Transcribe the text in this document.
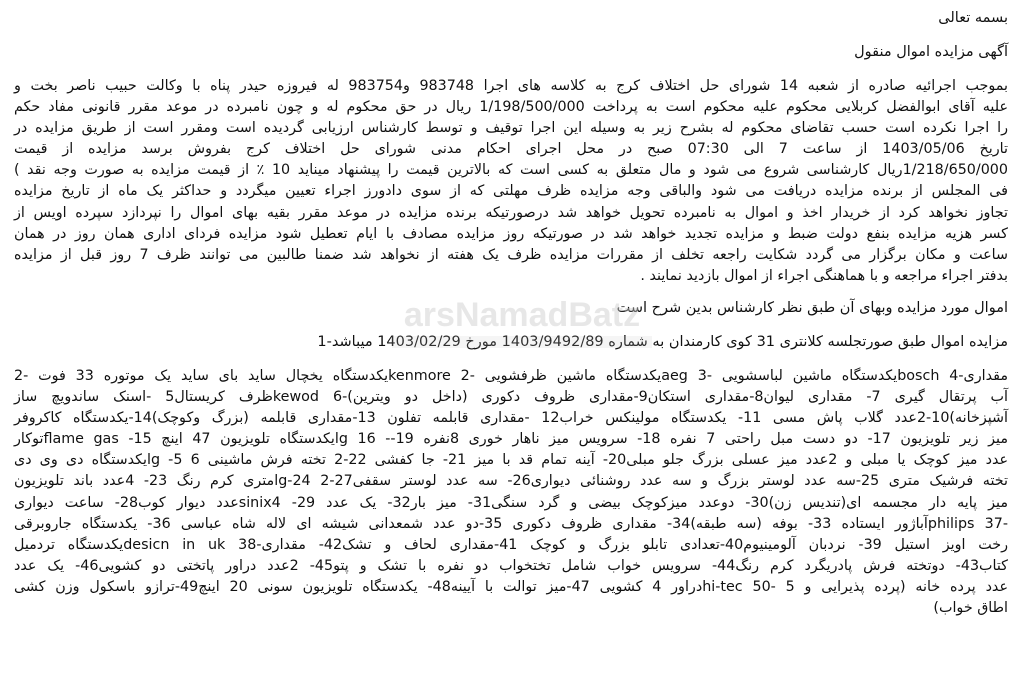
بسمه تعالی
آگهی مزایده اموال منقول
بموجب اجرائیه صادره از شعبه 14 شورای حل اختلاف کرج به کلاسه های اجرا 983748 و983754 له فیروزه حیدر پناه با وکالت حبیب ناصر بخت و
علیه آقای ابوالفضل کربلایی محکوم علیه محکوم است به پرداخت 1/198/500/000 ریال در حق محکوم له و چون نامبرده در موعد مقرر قانونی مفاد حکم
را اجرا نکرده است حسب تقاضای محکوم له بشرح زیر به وسیله این اجرا توقیف و توسط کارشناس ارزیابی گردیده است ومقرر است از طریق مزایده در
تاریخ 1403/05/06 از ساعت 7 الی 07:30 صبح در محل اجرای احکام مدنی شورای حل اختلاف کرج بفروش برسد مزایده از قیمت
1/218/650/000ریال کارشناسی شروع می شود و مال متعلق به کسی است که بالاترین قیمت را پیشنهاد میناید 10 ٪ از قیمت مزایده به صورت وجه نقد )
فی المجلس از برنده مزایده دریافت می شود والباقی وجه مزایده ظرف مهلتی که از سوی دادورز اجراء تعیین میگردد و حداکثر یک ماه از تاریخ مزایده
تجاوز نخواهد کرد از خریدار اخذ و اموال به نامبرده تحویل خواهد شد درصورتیکه برنده مزایده در موعد مقرر بقیه بهای اموال را نپردازد سپرده اویس از
کسر هزیه مزایده بنفع دولت ضبط و مزایده تجدید خواهد شد در صورتیکه روز مزایده مصادف با ایام تعطیل شود مزایده فردای اداری همان روز در همان
ساعت و مکان برگزار می گردد شکایت راجعه تخلف از مقررات مزایده ظرف یک هفته از نخواهد شد ضمنا طالبین می توانند ظرف 7 روز قبل از مزایده
بدفتر اجراء مراجعه و با هماهنگی اجراء از اموال بازدید نمایند .
اموال مورد مزایده وبهای آن طبق نظر کارشناس بدین شرح است
مزایده اموال طبق صورتجلسه کلانتری 31 کوی کارمندان به شماره 1403/9492/89 مورخ 1403/02/29 میباشد-1
مقداری-4 boschیکدستگاه ماشین لباسشویی -3 aegیکدستگاه ماشین ظرفشویی -2 kenmoreیکدستگاه یخچال ساید بای ساید یک موتوره 33 فوت -2
آب پرتقال گیری 7- مقداری لیوان8-مقداری استکان9-مقداری ظروف دکوری (داخل دو ویترین)-6 kewodظرف کریستال5 -اسنک ساندویچ ساز
آشپزخانه)10-2عدد گلاب پاش مسی 11- یکدستگاه مولینکس خراب12 -مقداری قابلمه تفلون 13-مقداری قابلمه (بزرگ وکوچک)14-یکدستگاه کاکروفر
میز زیر تلویزیون 17- دو دست مبل راحتی 7 نفره 18- سرویس میز ناهار خوری 8نفره 19-- 16 lgیکدستگاه تلویزیون 47 اینچ 15- flame gasتوکار
عدد میز کوچک یا مبلی و 2عدد میز عسلی بزرگ جلو مبلی20- آینه تمام قد با میز 21- جا کفشی 22-2 تخته فرش ماشینی 6 5- lgیکدستگاه دی وی دی
تخته فرشیک متری 25-سه عدد لوستر بزرگ و سه عدد روشنائی دیواری26- سه عدد لوستر سقفی27-2 24-lgمتری کرم رنگ 23- 4عدد باند تلویزیون
میز پایه دار مجسمه ای(تندیس زن)30- دوعدد میزکوچک بیضی و گرد سنگی31- میز بار32- یک عدد 29- sinix4عدد دیوار کوب28- ساعت دیواری
-37 philipsآباژور ایستاده 33- بوفه (سه طبقه)34- مقداری ظروف دکوری 35-دو عدد شمعدانی شیشه ای لاله شاه عباسی 36- یکدستگاه جاروبرقی
رخت اویز استیل 39- نردبان آلومینیوم40-تعدادی تابلو بزرگ و کوچک 41-مقداری لحاف و تشک42- مقداری-38 desicn in ukیکدستگاه تردمیل
کتاب43- دوتخته فرش پادریگرد کرم رنگ44- سرویس خواب شامل تختخواب دو نفره با تشک و پتو45- 2عدد دراور پاتختی دو کشویی46- یک عدد
عدد پرده خانه (پرده پذیرایی و 5 -50 hi-tecدراور 4 کشویی 47-میز توالت با آیینه48- یکدستگاه تلویزیون سونی 20 اینچ49-ترازو باسکول وزن کشی
اطاق خواب)
arsNamadBatz
